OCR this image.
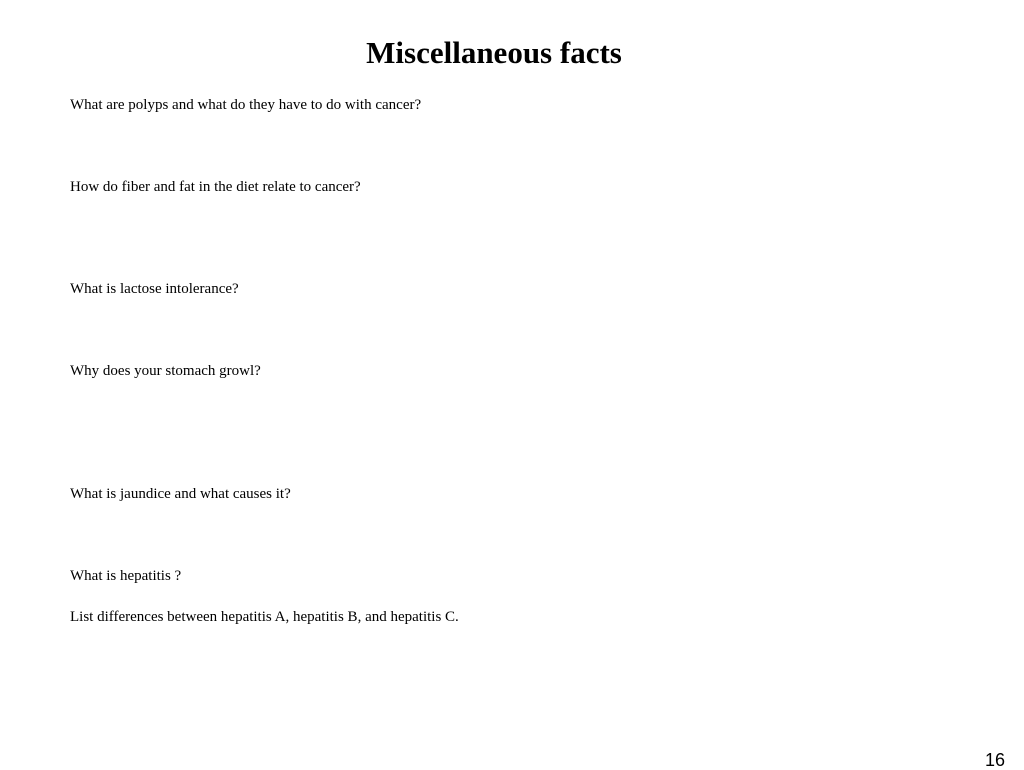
Miscellaneous facts
What are polyps and what do they have to do with cancer?
How do fiber and fat in the diet relate to cancer?
What is lactose intolerance?
Why does your stomach growl?
What is jaundice and what causes it?
What is hepatitis ?
List differences between hepatitis A, hepatitis B, and hepatitis C.
16
